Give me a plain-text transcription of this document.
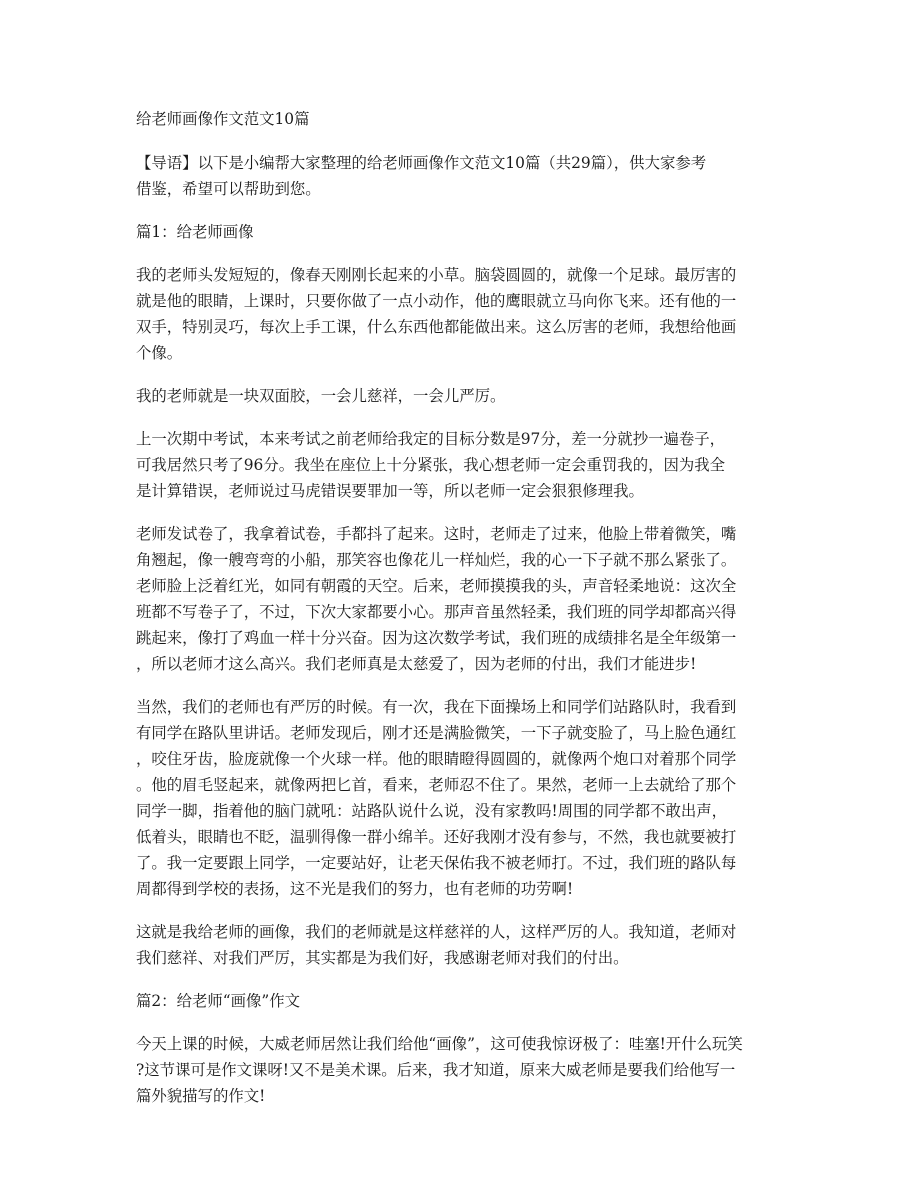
给老师画像作文范文10篇

【导语】以下是小编帮大家整理的给老师画像作文范文10篇（共29篇），供大家参考
借鉴，希望可以帮助到您。

篇1：给老师画像

我的老师头发短短的，像春天刚刚长起来的小草。脑袋圆圆的，就像一个足球。最厉害的
就是他的眼睛，上课时，只要你做了一点小动作，他的鹰眼就立马向你飞来。还有他的一
双手，特别灵巧，每次上手工课，什么东西他都能做出来。这么厉害的老师，我想给他画
个像。

我的老师就是一块双面胶，一会儿慈祥，一会儿严厉。

上一次期中考试，本来考试之前老师给我定的目标分数是97分，差一分就抄一遍卷子，
可我居然只考了96分。我坐在座位上十分紧张，我心想老师一定会重罚我的，因为我全
是计算错误，老师说过马虎错误要罪加一等，所以老师一定会狠狠修理我。

老师发试卷了，我拿着试卷，手都抖了起来。这时，老师走了过来，他脸上带着微笑，嘴
角翘起，像一艘弯弯的小船，那笑容也像花儿一样灿烂，我的心一下子就不那么紧张了。
老师脸上泛着红光，如同有朝霞的天空。后来，老师摸摸我的头，声音轻柔地说：这次全
班都不写卷子了，不过，下次大家都要小心。那声音虽然轻柔，我们班的同学却都高兴得
跳起来，像打了鸡血一样十分兴奋。因为这次数学考试，我们班的成绩排名是全年级第一
，所以老师才这么高兴。我们老师真是太慈爱了，因为老师的付出，我们才能进步!

当然，我们的老师也有严厉的时候。有一次，我在下面操场上和同学们站路队时，我看到
有同学在路队里讲话。老师发现后，刚才还是满脸微笑，一下子就变脸了，马上脸色通红
，咬住牙齿，脸庞就像一个火球一样。他的眼睛瞪得圆圆的，就像两个炮口对着那个同学
。他的眉毛竖起来，就像两把匕首，看来，老师忍不住了。果然，老师一上去就给了那个
同学一脚，指着他的脑门就吼：站路队说什么说，没有家教吗!周围的同学都不敢出声，
低着头，眼睛也不眨，温驯得像一群小绵羊。还好我刚才没有参与，不然，我也就要被打
了。我一定要跟上同学，一定要站好，让老天保佑我不被老师打。不过，我们班的路队每
周都得到学校的表扬，这不光是我们的努力，也有老师的功劳啊!

这就是我给老师的画像，我们的老师就是这样慈祥的人，这样严厉的人。我知道，老师对
我们慈祥、对我们严厉，其实都是为我们好，我感谢老师对我们的付出。

篇2：给老师“画像”作文

今天上课的时候，大威老师居然让我们给他“画像”，这可使我惊讶极了：哇塞!开什么玩笑
?这节课可是作文课呀!又不是美术课。后来，我才知道，原来大威老师是要我们给他写一
篇外貌描写的作文!
